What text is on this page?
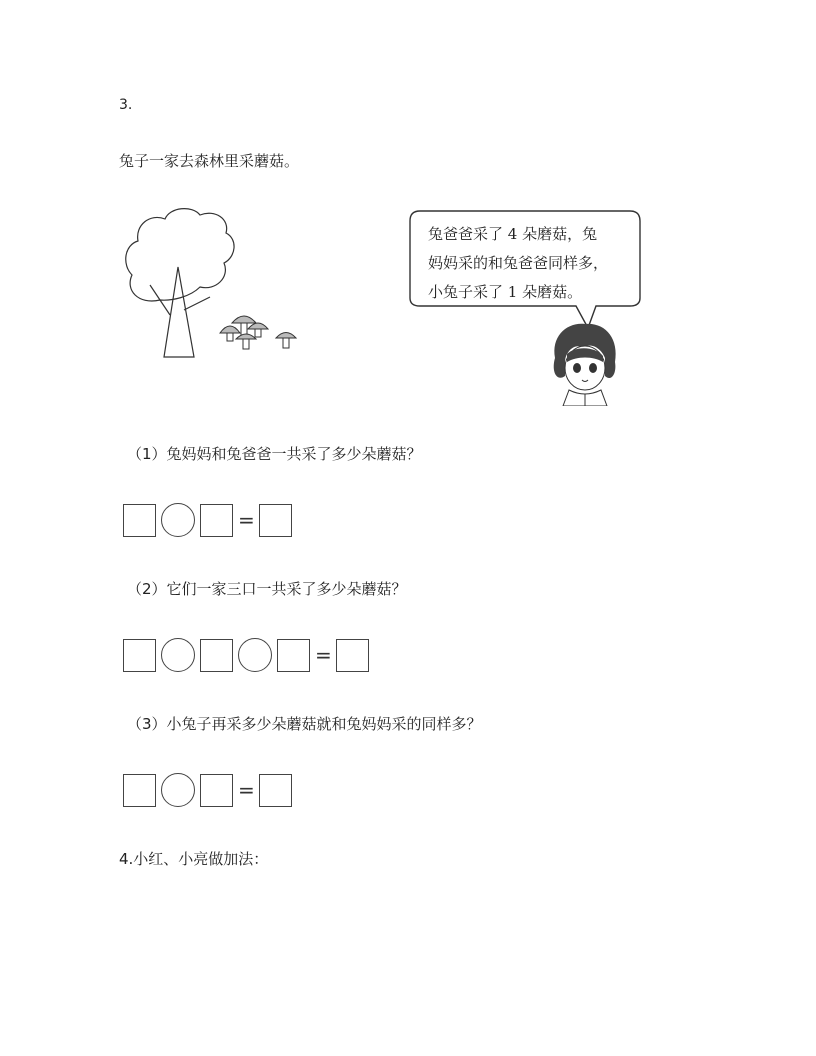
3.
兔子一家去森林里采蘑菇。
兔爸爸采了 4 朵磨菇，兔
妈妈采的和兔爸爸同样多，
小兔子采了 1 朵磨菇。
（1）兔妈妈和兔爸爸一共采了多少朵蘑菇？
=
（2）它们一家三口一共采了多少朵蘑菇？
=
（3）小兔子再采多少朵蘑菇就和兔妈妈采的同样多？
=
4.小红、小亮做加法：
